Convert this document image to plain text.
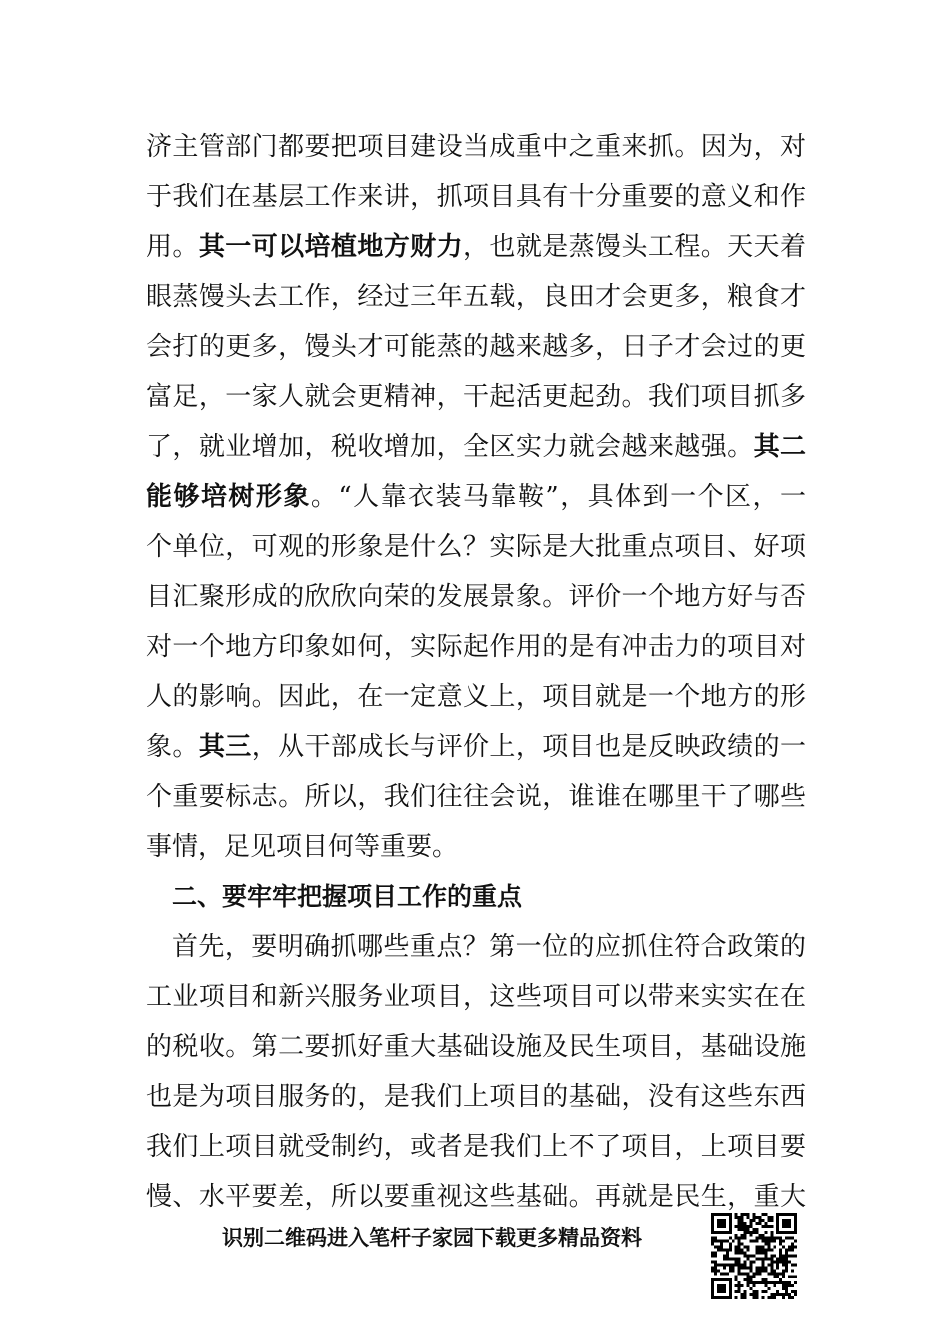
济主管部门都要把项目建设当成重中之重来抓。因为，对
于我们在基层工作来讲，抓项目具有十分重要的意义和作
用。其一可以培植地方财力，也就是蒸馒头工程。天天着
眼蒸馒头去工作，经过三年五载，良田才会更多，粮食才
会打的更多，馒头才可能蒸的越来越多，日子才会过的更
富足，一家人就会更精神，干起活更起劲。我们项目抓多
了，就业增加，税收增加，全区实力就会越来越强。其二
能够培树形象。“人靠衣装马靠鞍”，具体到一个区，一
个单位，可观的形象是什么？实际是大批重点项目、好项
目汇聚形成的欣欣向荣的发展景象。评价一个地方好与否
对一个地方印象如何，实际起作用的是有冲击力的项目对
人的影响。因此，在一定意义上，项目就是一个地方的形
象。其三，从干部成长与评价上，项目也是反映政绩的一
个重要标志。所以，我们往往会说，谁谁在哪里干了哪些
事情，足见项目何等重要。
二、要牢牢把握项目工作的重点
首先，要明确抓哪些重点？第一位的应抓住符合政策的
工业项目和新兴服务业项目，这些项目可以带来实实在在
的税收。第二要抓好重大基础设施及民生项目，基础设施
也是为项目服务的，是我们上项目的基础，没有这些东西
我们上项目就受制约，或者是我们上不了项目，上项目要
慢、水平要差，所以要重视这些基础。再就是民生，重大
识别二维码进入笔杆子家园下载更多精品资料
